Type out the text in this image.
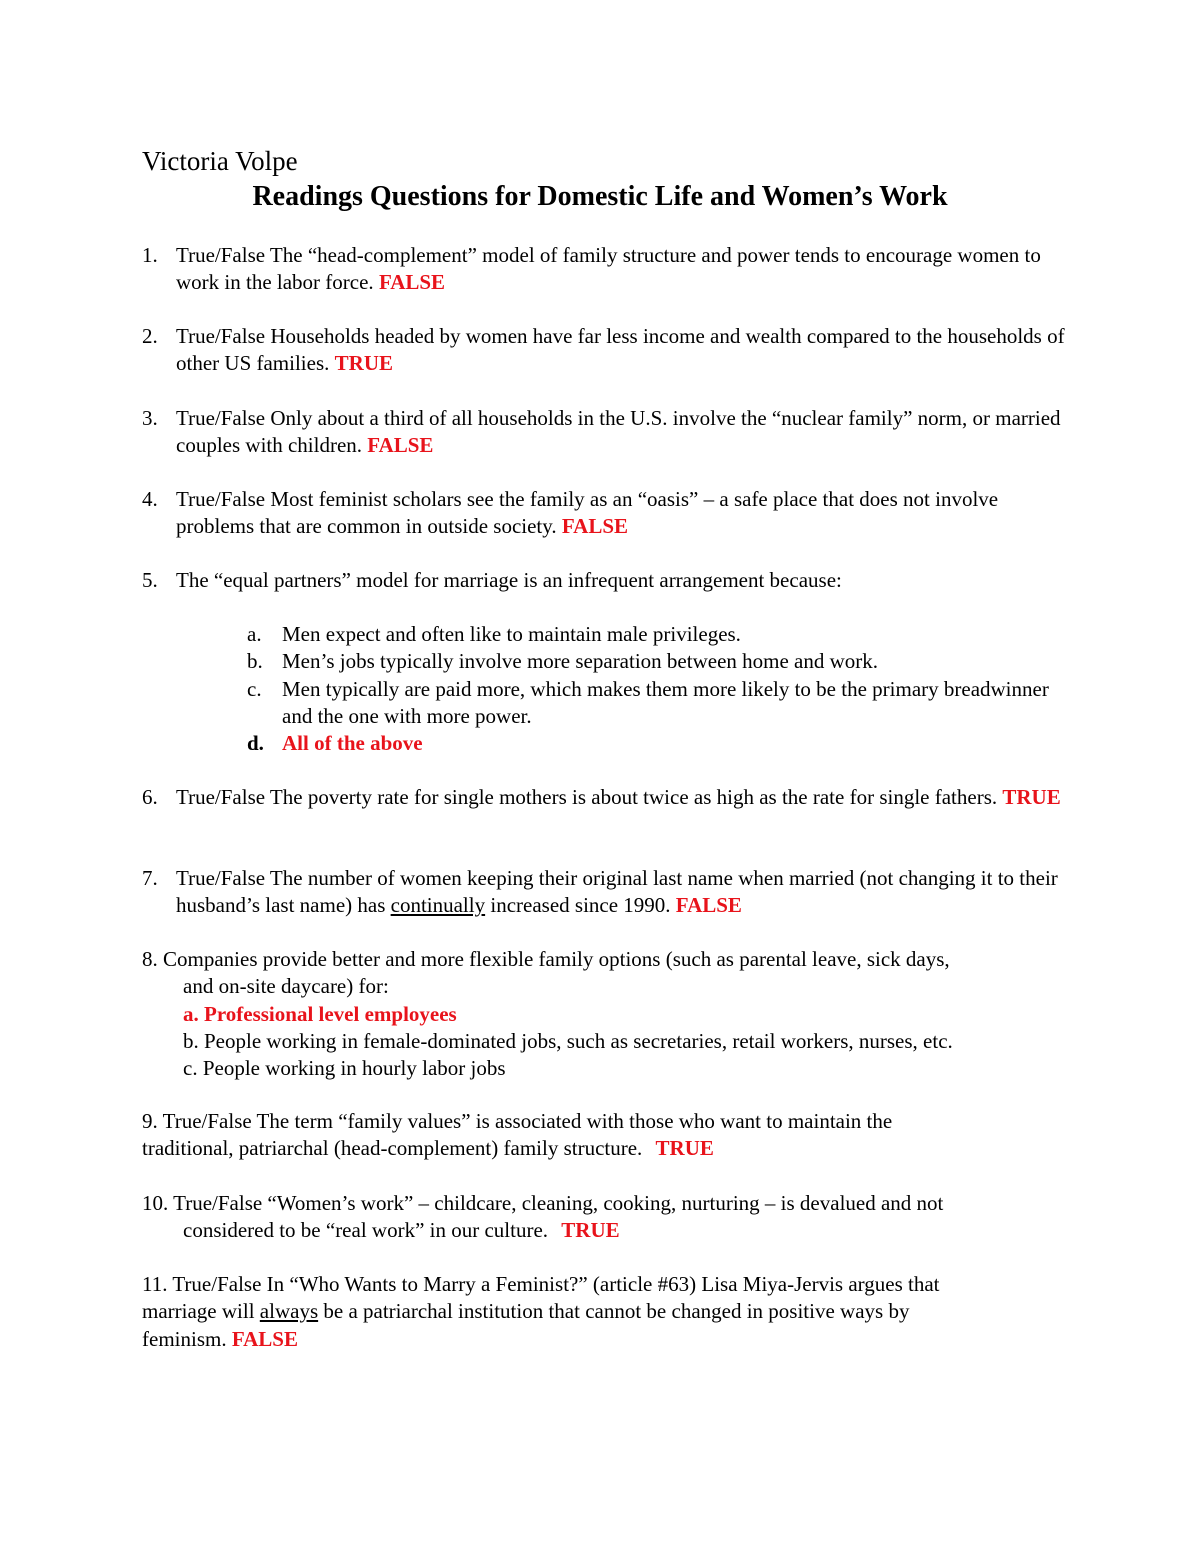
Victoria Volpe
Readings Questions for Domestic Life and Women’s Work
1. True/False The “head-complement” model of family structure and power tends to encourage women to work in the labor force. FALSE
2. True/False Households headed by women have far less income and wealth compared to the households of other US families. TRUE
3. True/False Only about a third of all households in the U.S. involve the “nuclear family” norm, or married couples with children. FALSE
4. True/False Most feminist scholars see the family as an “oasis” – a safe place that does not involve problems that are common in outside society. FALSE
5. The “equal partners” model for marriage is an infrequent arrangement because:
a. Men expect and often like to maintain male privileges.
b. Men’s jobs typically involve more separation between home and work.
c. Men typically are paid more, which makes them more likely to be the primary breadwinner and the one with more power.
d. All of the above
6. True/False The poverty rate for single mothers is about twice as high as the rate for single fathers. TRUE
7. True/False The number of women keeping their original last name when married (not changing it to their husband’s last name) has continually increased since 1990. FALSE
8. Companies provide better and more flexible family options (such as parental leave, sick days,
and on-site daycare) for:
a. Professional level employees
b. People working in female-dominated jobs, such as secretaries, retail workers, nurses, etc.
c. People working in hourly labor jobs
9. True/False The term “family values” is associated with those who want to maintain the
traditional, patriarchal (head-complement) family structure. TRUE
10. True/False “Women’s work” – childcare, cleaning, cooking, nurturing – is devalued and not
considered to be “real work” in our culture. TRUE
11. True/False In “Who Wants to Marry a Feminist?” (article #63) Lisa Miya-Jervis argues that
marriage will always be a patriarchal institution that cannot be changed in positive ways by
feminism. FALSE
